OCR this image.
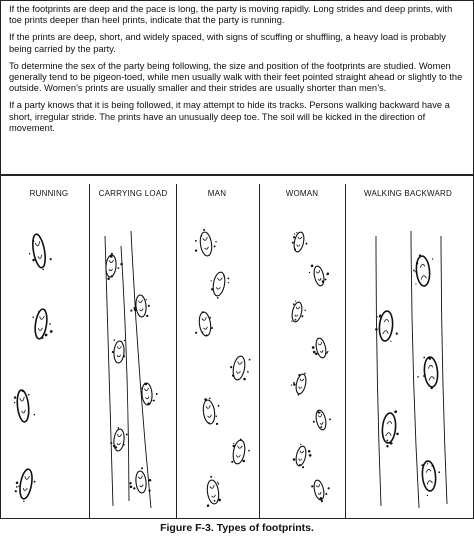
If the footprints are deep and the pace is long, the party is moving rapidly. Long strides and deep prints, with toe prints deeper than heel prints, indicate that the party is running.

If the prints are deep, short, and widely spaced, with signs of scuffing or shuffling, a heavy load is probably being carried by the party.

To determine the sex of the party being following, the size and position of the footprints are studied. Women generally tend to be pigeon-toed, while men usually walk with their feet pointed straight ahead or slightly to the outside. Women’s prints are usually smaller and their strides are usually shorter than men’s.

If a party knows that it is being followed, it may attempt to hide its tracks. Persons walking backward have a short, irregular stride. The prints have an unusually deep toe. The soil will be kicked in the direction of movement.

RUNNING	CARRYING LOAD	MAN	WOMAN	WALKING BACKWARD
Figure F-3. Types of footprints.
